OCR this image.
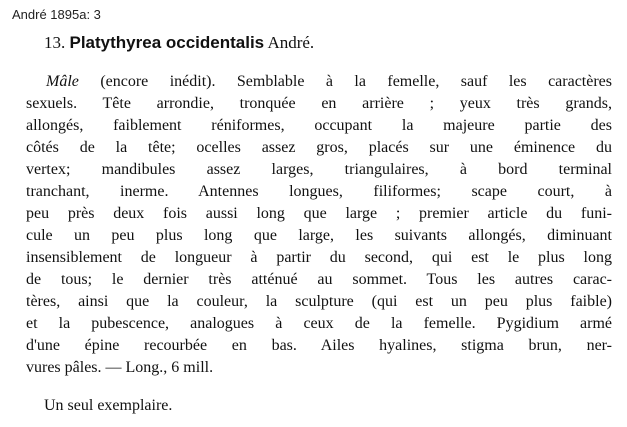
André 1895a: 3
13. Platythyrea occidentalis André.
Mâle (encore inédit). Semblable à la femelle, sauf les caractères
sexuels. Tête arrondie, tronquée en arrière ; yeux très grands,
allongés, faiblement réniformes, occupant la majeure partie des
côtés de la tête; ocelles assez gros, placés sur une éminence du
vertex; mandibules assez larges, triangulaires, à bord terminal
tranchant, inerme. Antennes longues, filiformes; scape court, à
peu près deux fois aussi long que large ; premier article du funi-
cule un peu plus long que large, les suivants allongés, diminuant
insensiblement de longueur à partir du second, qui est le plus long
de tous; le dernier très atténué au sommet. Tous les autres carac-
tères, ainsi que la couleur, la sculpture (qui est un peu plus faible)
et la pubescence, analogues à ceux de la femelle. Pygidium armé
d'une épine recourbée en bas. Ailes hyalines, stigma brun, ner-
vures pâles. — Long., 6 mill.
Un seul exemplaire.
